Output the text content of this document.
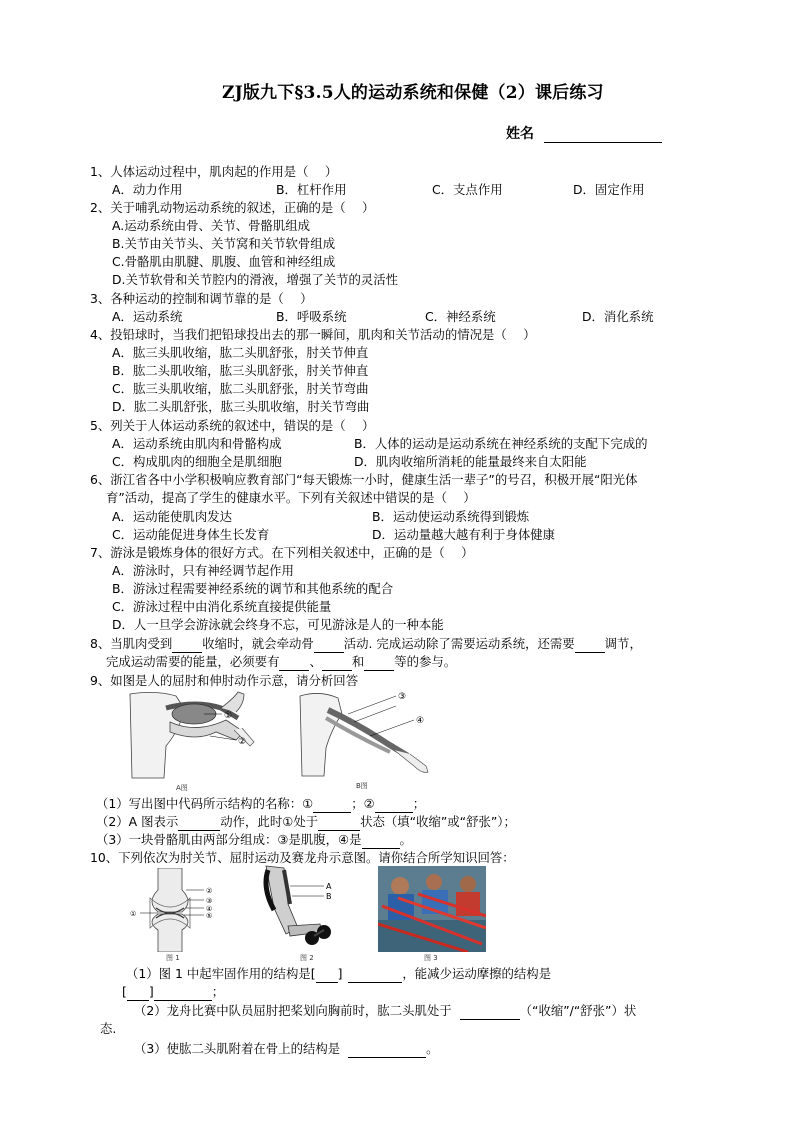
ZJ版九下§3.5人的运动系统和保健（2）课后练习
姓名
1、人体运动过程中，肌肉起的作用是（　 ）
A．动力作用	B．杠杆作用	C．支点作用	D．固定作用
2、关于哺乳动物运动系统的叙述，正确的是（　 ）
A.运动系统由骨、关节、骨骼肌组成
B.关节由关节头、关节窝和关节软骨组成
C.骨骼肌由肌腱、肌腹、血管和神经组成
D.关节软骨和关节腔内的滑液，增强了关节的灵活性
3、各种运动的控制和调节靠的是（　 ）
A．运动系统	B．呼吸系统	C．神经系统	D．消化系统
4、投铅球时，当我们把铅球投出去的那一瞬间，肌肉和关节活动的情况是（　 ）
A．肱三头肌收缩，肱二头肌舒张，肘关节伸直
B．肱二头肌收缩，肱三头肌舒张，肘关节伸直
C．肱三头肌收缩，肱二头肌舒张，肘关节弯曲
D．肱二头肌舒张，肱三头肌收缩，肘关节弯曲
5、列关于人体运动系统的叙述中，错误的是（　 ）
A．运动系统由肌肉和骨骼构成	B．人体的运动是运动系统在神经系统的支配下完成的
C．构成肌肉的细胞全是肌细胞	D．肌肉收缩所消耗的能量最终来自太阳能
6、浙江省各中小学积极响应教育部门“每天锻炼一小时，健康生活一辈子”的号召，积极开展“阳光体
育”活动，提高了学生的健康水平。下列有关叙述中错误的是（　 ）
A．运动能使肌肉发达	B．运动使运动系统得到锻炼
C．运动能促进身体生长发育	D．运动量越大越有利于身体健康
7、游泳是锻炼身体的很好方式。在下列相关叙述中，正确的是（　 ）
A．游泳时，只有神经调节起作用
B．游泳过程需要神经系统的调节和其他系统的配合
C．游泳过程中由消化系统直接提供能量
D．人一旦学会游泳就会终身不忘，可见游泳是人的一种本能
8、当肌肉受到 收缩时，就会牵动骨 活动. 完成运动除了需要运动系统，还需要 调节，
完成运动需要的能量，必须要有 、 和 等的参与。
9、如图是人的屈肘和伸肘动作示意，请分析回答
①
②
A图
③
④
B图
（1）写出图中代码所示结构的名称：①	；②	；
（2）A 图表示	动作，此时①处于	状态（填“收缩”或“舒张”）；
（3）一块骨骼肌由两部分组成：③是肌腹，④是	。
10、下列依次为肘关节、屈肘运动及赛龙舟示意图。请你结合所学知识回答：
②
③
④
⑤
①
图 1
A
B
图 2	图 3
（1）图 1 中起牢固作用的结构是[ ]	，能减少运动摩擦的结构是
[ ]	；
（2）龙舟比赛中队员屈肘把桨划向胸前时，肱二头肌处于	（“收缩”/“舒张”）状
态.
（3）使肱二头肌附着在骨上的结构是	。
